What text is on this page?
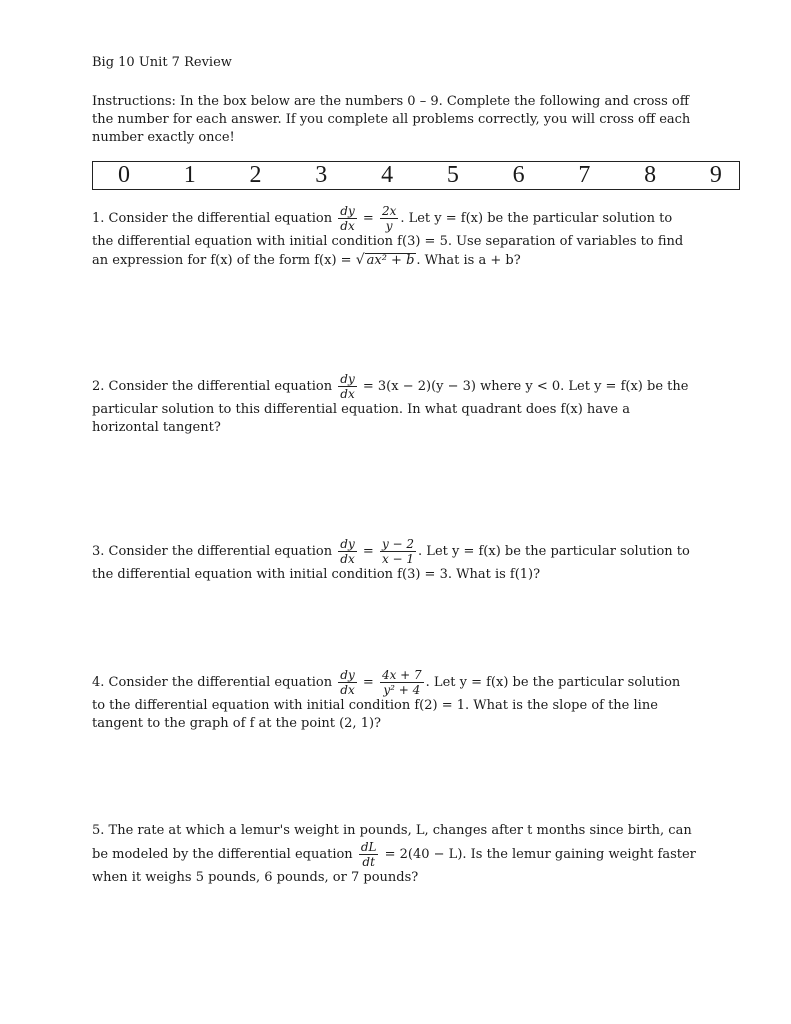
Big 10 Unit 7 Review
Instructions: In the box below are the numbers 0 – 9. Complete the following and cross off the number for each answer. If you complete all problems correctly, you will cross off each number exactly once!
0 1 2 3 4 5 6 7 8 9
1. Consider the differential equation $\frac{dy}{dx} = \frac{2x}{y}$ . Let y = f(x) be the particular solution to the differential equation with initial condition f(3) = 5. Use separation of variables to find an expression for f(x) of the form f(x) = √ ax² + b . What is a + b?
2. Consider the differential equation $\frac{dy}{dx} = 3(x - 2)(y - 3)$ where y < 0. Let y = f(x) be the particular solution to this differential equation. In what quadrant does f(x) have a horizontal tangent?
3. Consider the differential equation $\frac{dy}{dx} = \frac{y - 2}{x - 1}$ . Let y = f(x) be the particular solution to the differential equation with initial condition f(3) = 3. What is f(1)?
4. Consider the differential equation $\frac{dy}{dx} = \frac{4x + 7}{\text{y² + 4}}$ . Let y = f(x) be the particular solution to the differential equation with initial condition f(2) = 1. What is the slope of the line tangent to the graph of f at the point (2, 1)?
5. The rate at which a lemur's weight in pounds, L, changes after t months since birth, can be modeled by the differential equation $\frac{dL}{dt} = 2(40 - L)$. Is the lemur gaining weight faster when it weighs 5 pounds, 6 pounds, or 7 pounds?
